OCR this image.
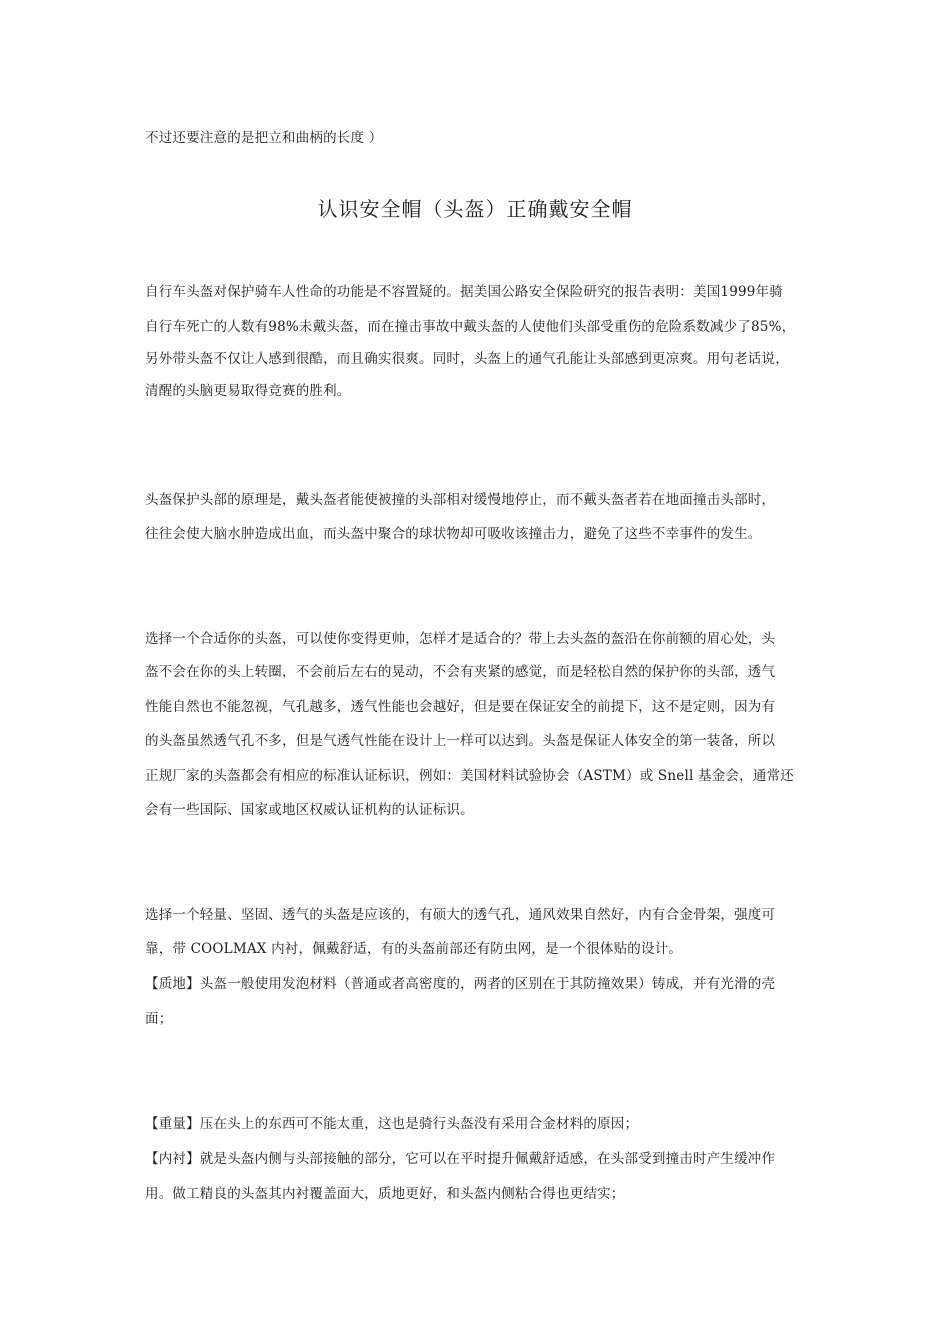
不过还要注意的是把立和曲柄的长度 ）
认识安全帽（头盔）正确戴安全帽
自行车头盔对保护骑车人性命的功能是不容置疑的。据美国公路安全保险研究的报告表明：美国1999年骑
自行车死亡的人数有98%未戴头盔，而在撞击事故中戴头盔的人使他们头部受重伤的危险系数减少了85%，
另外带头盔不仅让人感到很酷，而且确实很爽。同时，头盔上的通气孔能让头部感到更凉爽。用句老话说，
清醒的头脑更易取得竞赛的胜利。
头盔保护头部的原理是，戴头盔者能使被撞的头部相对缓慢地停止，而不戴头盔者若在地面撞击头部时，
往往会使大脑水肿造成出血，而头盔中聚合的球状物却可吸收该撞击力，避免了这些不幸事件的发生。
选择一个合适你的头盔，可以使你变得更帅，怎样才是适合的？带上去头盔的盔沿在你前额的眉心处，头
盔不会在你的头上转圈，不会前后左右的晃动，不会有夹紧的感觉，而是轻松自然的保护你的头部，透气
性能自然也不能忽视，气孔越多，透气性能也会越好，但是要在保证安全的前提下，这不是定则，因为有
的头盔虽然透气孔不多，但是气透气性能在设计上一样可以达到。头盔是保证人体安全的第一装备，所以
正规厂家的头盔都会有相应的标准认证标识，例如：美国材料试验协会（ASTM）或 Snell 基金会，通常还
会有一些国际、国家或地区权威认证机构的认证标识。
选择一个轻量、坚固、透气的头盔是应该的，有硕大的透气孔，通风效果自然好，内有合金骨架，强度可
靠，带 COOLMAX 内衬，佩戴舒适，有的头盔前部还有防虫网，是一个很体贴的设计。
【质地】头盔一般使用发泡材料（普通或者高密度的，两者的区别在于其防撞效果）铸成，并有光滑的壳
面；
【重量】压在头上的东西可不能太重，这也是骑行头盔没有采用合金材料的原因；
【内衬】就是头盔内侧与头部接触的部分，它可以在平时提升佩戴舒适感，在头部受到撞击时产生缓冲作
用。做工精良的头盔其内衬覆盖面大，质地更好，和头盔内侧粘合得也更结实；
